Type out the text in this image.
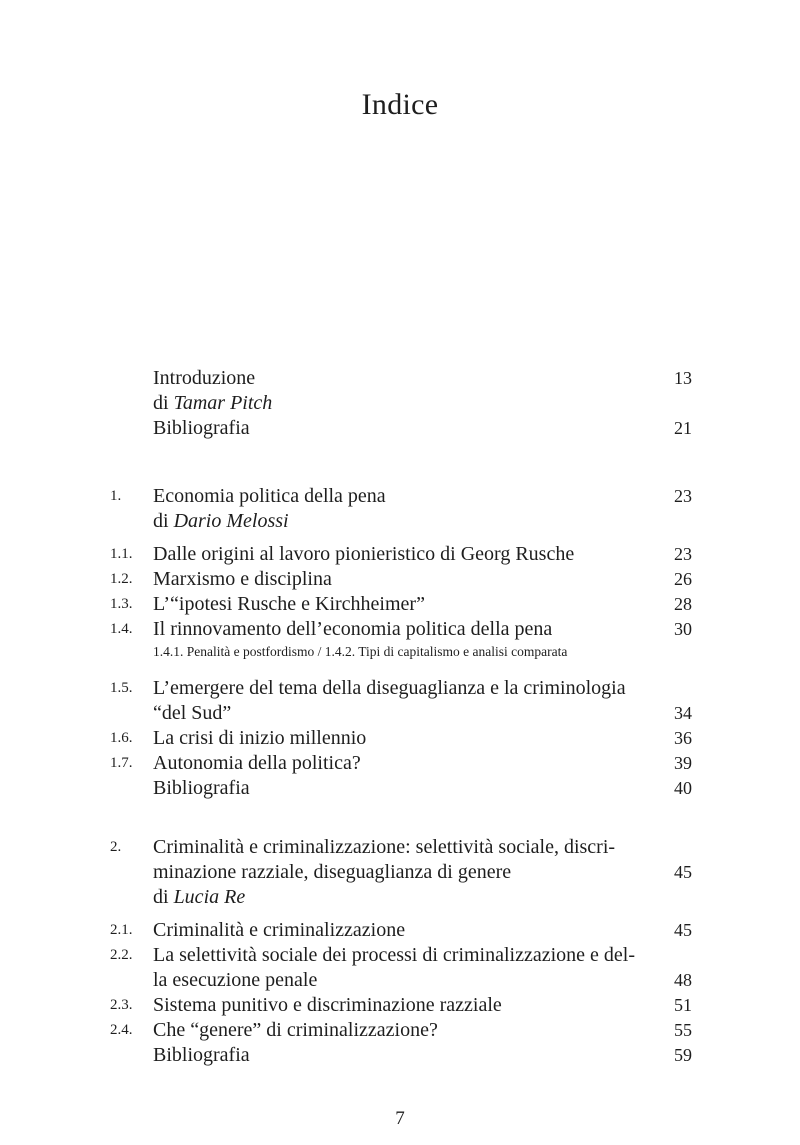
Indice
Introduzione	13
di Tamar Pitch
Bibliografia	21
1. Economia politica della pena	23
di Dario Melossi
1.1. Dalle origini al lavoro pionieristico di Georg Rusche	23
1.2. Marxismo e disciplina	26
1.3. L’“ipotesi Rusche e Kirchheimer”	28
1.4. Il rinnovamento dell’economia politica della pena	30
1.4.1. Penalità e postfordismo / 1.4.2. Tipi di capitalismo e analisi comparata
1.5. L’emergere del tema della diseguaglianza e la criminologia
“del Sud”	34
1.6. La crisi di inizio millennio	36
1.7. Autonomia della politica?	39
Bibliografia	40
2. Criminalità e criminalizzazione: selettività sociale, discri-
minazione razziale, diseguaglianza di genere	45
di Lucia Re
2.1. Criminalità e criminalizzazione	45
2.2. La selettività sociale dei processi di criminalizzazione e del-
la esecuzione penale	48
2.3. Sistema punitivo e discriminazione razziale	51
2.4. Che “genere” di criminalizzazione?	55
Bibliografia	59
7
